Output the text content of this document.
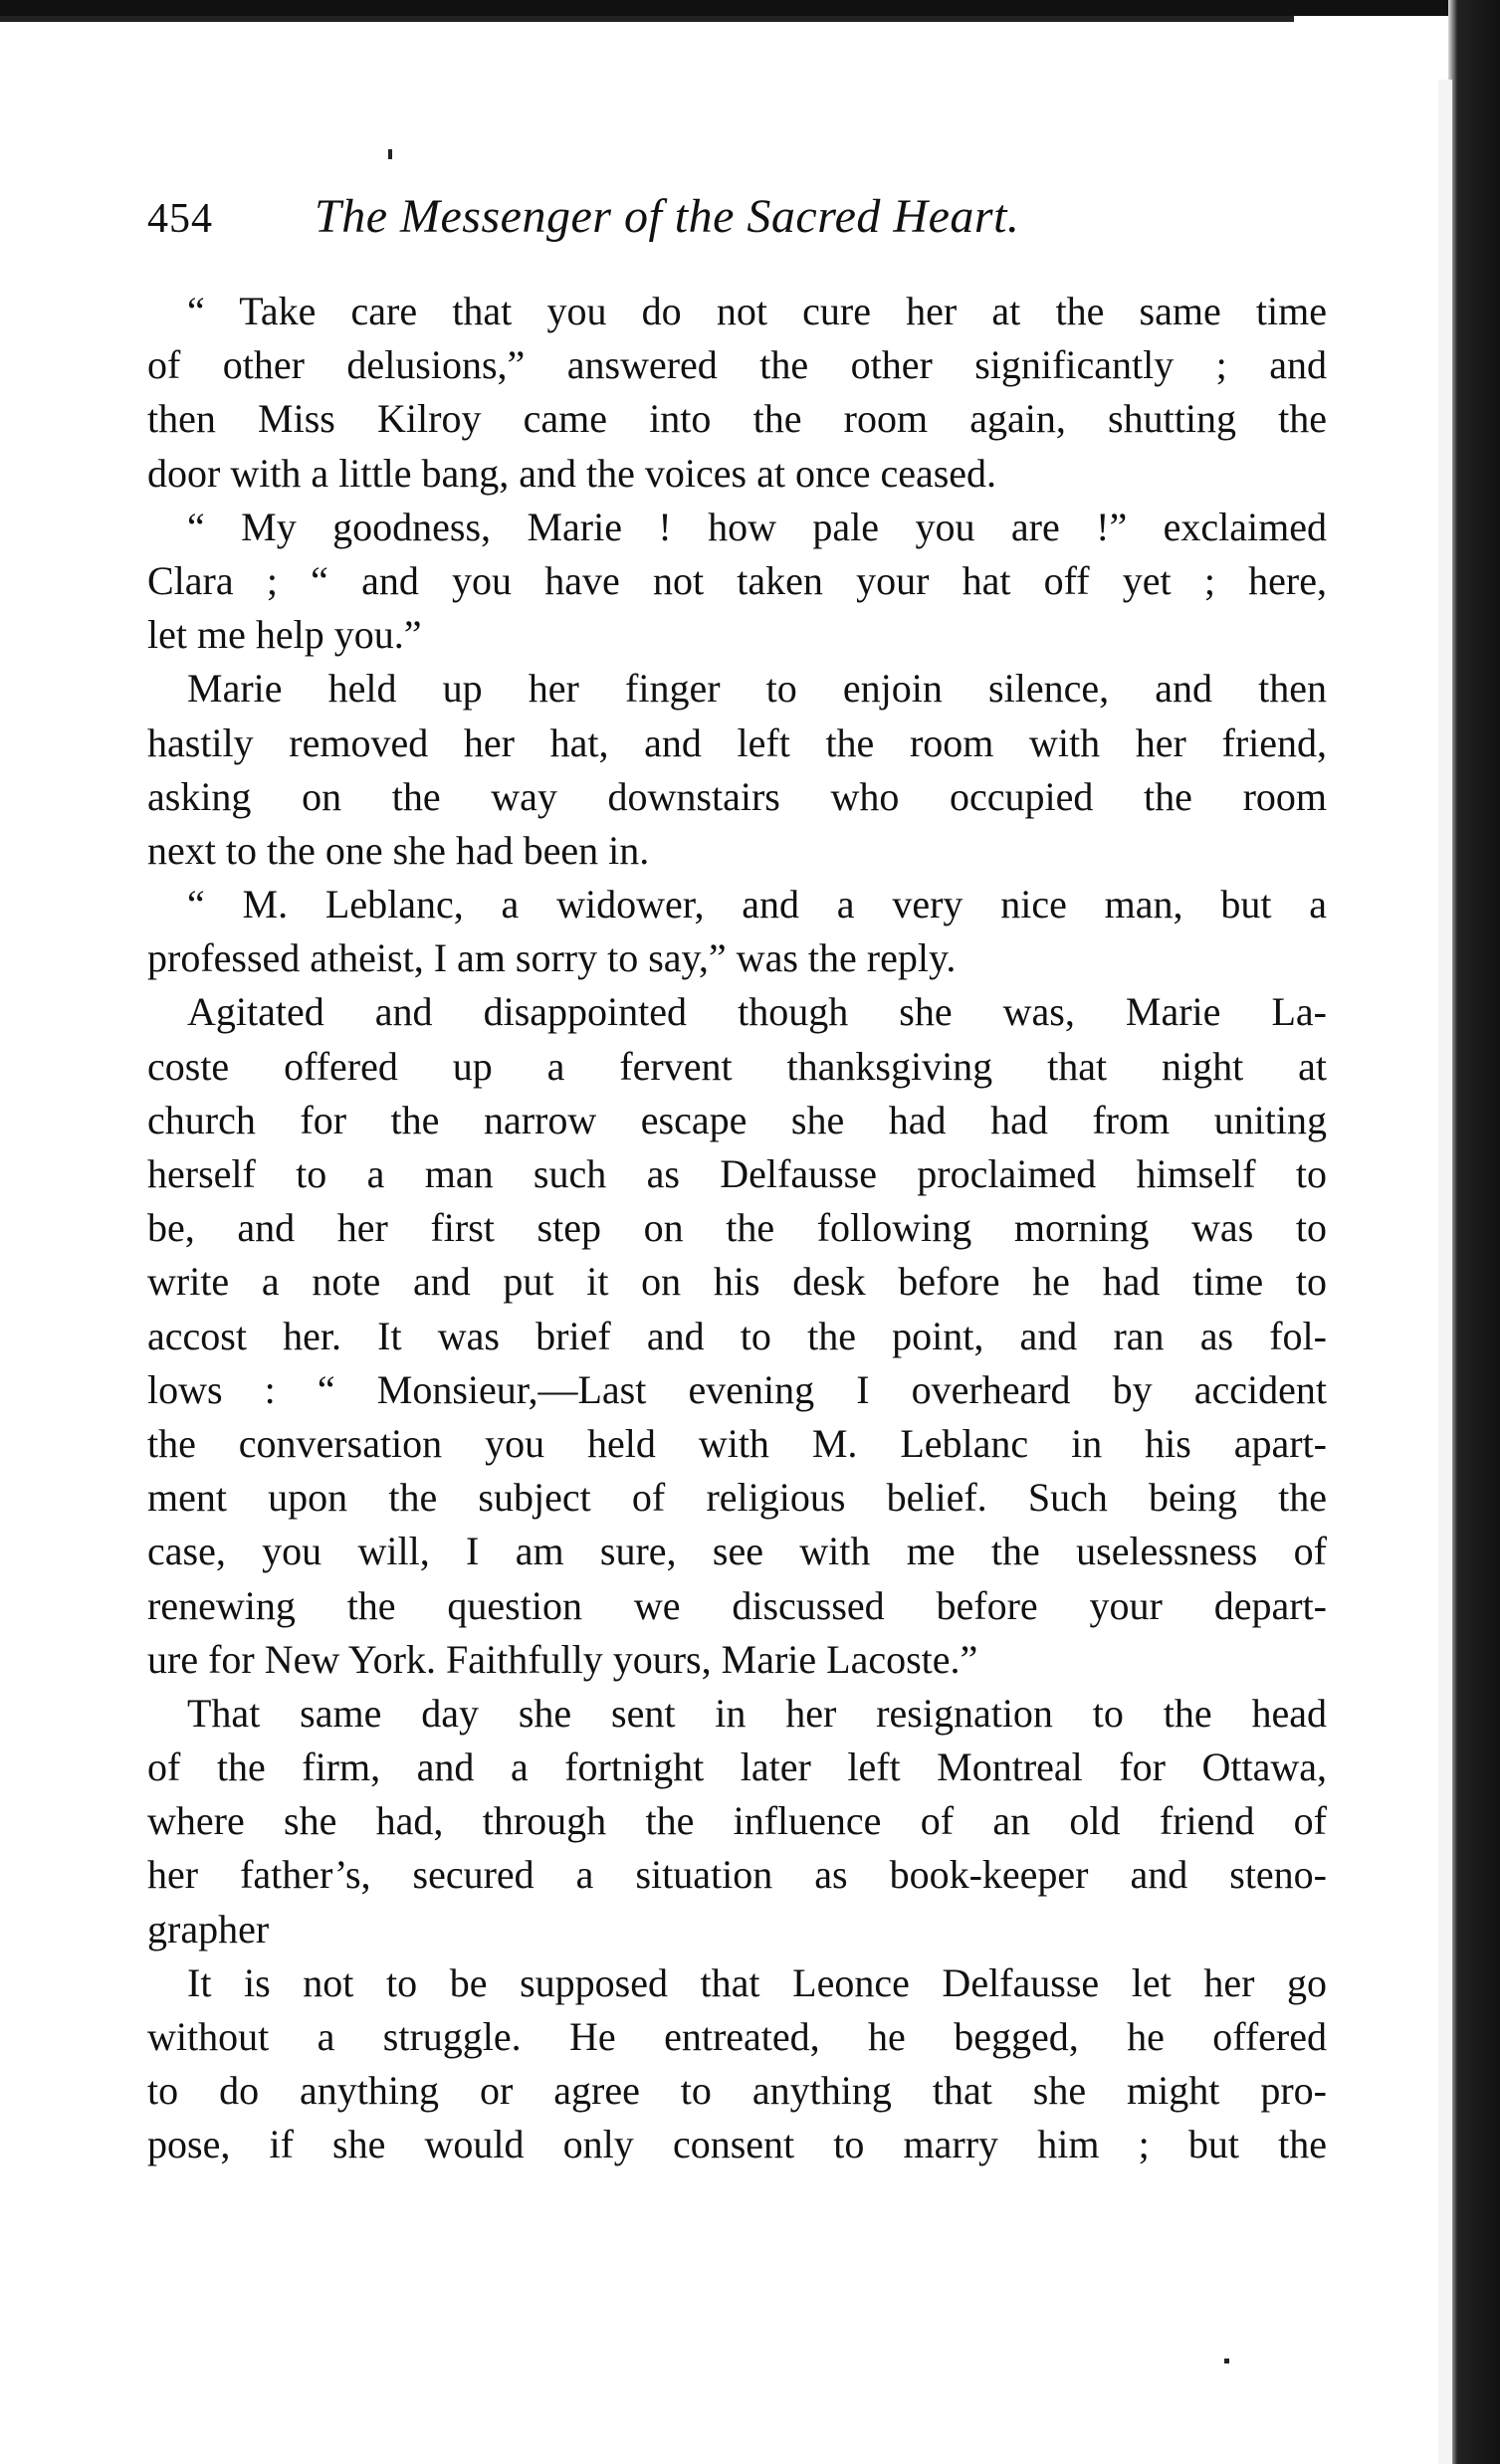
454	The Messenger of the Sacred Heart.
“ Take care that you do not cure her at the same time
of other delusions,” answered the other significantly ; and
then Miss Kilroy came into the room again, shutting the
door with a little bang, and the voices at once ceased.
“ My goodness, Marie ! how pale you are !” exclaimed
Clara ; “ and you have not taken your hat off yet ; here,
let me help you.”
Marie held up her finger to enjoin silence, and then
hastily removed her hat, and left the room with her friend,
asking on the way downstairs who occupied the room
next to the one she had been in.
“ M. Leblanc, a widower, and a very nice man, but a
professed atheist, I am sorry to say,” was the reply.
Agitated and disappointed though she was, Marie La-
coste offered up a fervent thanksgiving that night at
church for the narrow escape she had had from uniting
herself to a man such as Delfausse proclaimed himself to
be, and her first step on the following morning was to
write a note and put it on his desk before he had time to
accost her. It was brief and to the point, and ran as fol-
lows : “ Monsieur,—Last evening I overheard by accident
the conversation you held with M. Leblanc in his apart-
ment upon the subject of religious belief. Such being the
case, you will, I am sure, see with me the uselessness of
renewing the question we discussed before your depart-
ure for New York. Faithfully yours, Marie Lacoste.”
That same day she sent in her resignation to the head
of the firm, and a fortnight later left Montreal for Ottawa,
where she had, through the influence of an old friend of
her father’s, secured a situation as book-keeper and steno-
grapher
It is not to be supposed that Leonce Delfausse let her go
without a struggle. He entreated, he begged, he offered
to do anything or agree to anything that she might pro-
pose, if she would only consent to marry him ; but the
